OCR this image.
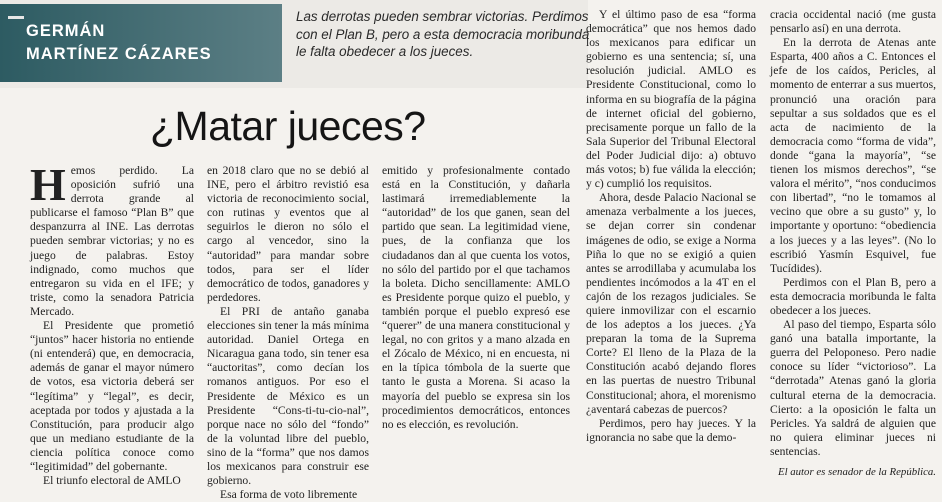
GERMÁN
MARTÍNEZ CÁZARES
Las derrotas pueden sembrar victorias. Perdimos con el Plan B, pero a esta democracia moribunda le falta obedecer a los jueces.
¿Matar jueces?

Hemos perdido. La oposición sufrió una derrota grande al publicarse el famoso “Plan B” que despanzurra al INE. Las derrotas pueden sembrar victorias; y no es juego de palabras. Estoy indignado, como muchos que entregaron su vida en el IFE; y triste, como la senadora Patricia Mercado.

El Presidente que prometió “juntos” hacer historia no entiende (ni entenderá) que, en democracia, además de ganar el mayor número de votos, esa victoria deberá ser “legítima” y “legal”, es decir, aceptada por todos y ajustada a la Constitución, para producir algo que un mediano estudiante de la ciencia política conoce como “legitimidad” del gobernante.

El triunfo electoral de AMLO

en 2018 claro que no se debió al INE, pero el árbitro revistió esa victoria de reconocimiento social, con rutinas y eventos que al seguirlos le dieron no sólo el cargo al vencedor, sino la “autoridad” para mandar sobre todos, para ser el líder democrático de todos, ganadores y perdedores.

El PRI de antaño ganaba elecciones sin tener la más mínima autoridad. Daniel Ortega en Nicaragua gana todo, sin tener esa “auctoritas”, como decían los romanos antiguos. Por eso el Presidente de México es un Presidente “Cons-ti-tu-cio-nal”, porque nace no sólo del “fondo” de la voluntad libre del pueblo, sino de la “forma” que nos damos los mexicanos para construir ese gobierno.

Esa forma de voto libremente

emitido y profesionalmente contado está en la Constitución, y dañarla lastimará irremediablemente la “autoridad” de los que ganen, sean del partido que sean. La legitimidad viene, pues, de la confianza que los ciudadanos dan al que cuenta los votos, no sólo del partido por el que tachamos la boleta. Dicho sencillamente: AMLO es Presidente porque quizo el pueblo, y también porque el pueblo expresó ese “querer” de una manera constitucional y legal, no con gritos y a mano alzada en el Zócalo de México, ni en encuesta, ni en la típica tómbola de la suerte que tanto le gusta a Morena. Si acaso la mayoría del pueblo se expresa sin los procedimientos democráticos, entonces no es elección, es revolución.

Y el último paso de esa “forma democrática” que nos hemos dado los mexicanos para edificar un gobierno es una sentencia; sí, una resolución judicial. AMLO es Presidente Constitucional, como lo informa en su biografía de la página de internet oficial del gobierno, precisamente porque un fallo de la Sala Superior del Tribunal Electoral del Poder Judicial dijo: a) obtuvo más votos; b) fue válida la elección; y c) cumplió los requisitos.

Ahora, desde Palacio Nacional se amenaza verbalmente a los jueces, se dejan correr sin condenar imágenes de odio, se exige a Norma Piña lo que no se exigió a quien antes se arrodillaba y acumulaba los pendientes incómodos a la 4T en el cajón de los rezagos judiciales. Se quiere inmovilizar con el escarnio de los adeptos a los jueces. ¿Ya preparan la toma de la Suprema Corte? El lleno de la Plaza de la Constitución acabó dejando flores en las puertas de nuestro Tribunal Constitucional; ahora, el morenismo ¿aventará cabezas de puercos?

Perdimos, pero hay jueces. Y la ignorancia no sabe que la demo-

cracia occidental nació (me gusta pensarlo así) en una derrota.

En la derrota de Atenas ante Esparta, 400 años a C. Entonces el jefe de los caídos, Pericles, al momento de enterrar a sus muertos, pronunció una oración para sepultar a sus soldados que es el acta de nacimiento de la democracia como “forma de vida”, donde “gana la mayoría”, “se tienen los mismos derechos”, “se valora el mérito”, “nos conducimos con libertad”, “no le tomamos al vecino que obre a su gusto” y, lo importante y oportuno: “obediencia a los jueces y a las leyes”. (No lo escribió Yasmín Esquivel, fue Tucídides).

Perdimos con el Plan B, pero a esta democracia moribunda le falta obedecer a los jueces.

Al paso del tiempo, Esparta sólo ganó una batalla importante, la guerra del Peloponeso. Pero nadie conoce su líder “victorioso”. La “derrotada” Atenas ganó la gloria cultural eterna de la democracia. Cierto: a la oposición le falta un Pericles. Ya saldrá de alguien que no quiera eliminar jueces ni sentencias.

El autor es senador de la República.
